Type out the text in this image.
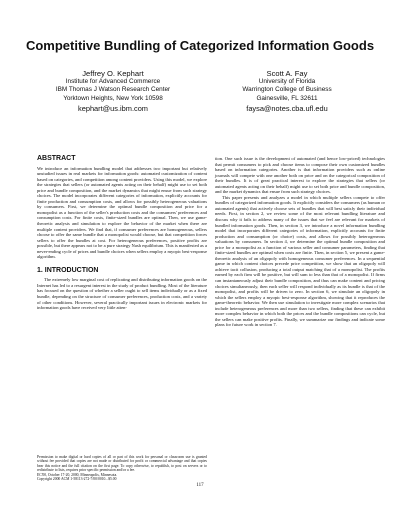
Competitive Bundling of Categorized Information Goods
Jeffrey O. Kephart
Institute for Advanced Commerce
IBM Thomas J Watson Research Center
Yorktown Heights, New York 10598
kephart@us.ibm.com
Scott A. Fay
University of Florida
Warrington College of Business
Gainesville, FL 32611
faysa@notes.cba.ufl.edu
ABSTRACT

We introduce an information bundling model that addresses two important but relatively unstudied issues in real markets for information goods: automated customization of content based on categories, and competition among content providers. Using this model, we explore the strategies that sellers (or automated agents acting on their behalf) might use to set both price and bundle composition, and the market dynamics that might ensue from such strategy choices. The model incorporates different categories of information, explicitly accounts for finite production and consumption costs, and allows for possibly heterogeneous valuations by consumers. First, we determine the optimal bundle composition and price for a monopolist as a function of the seller's production costs and the consumers' preferences and consumption costs. For finite costs, finite-sized bundles are optimal. Then, we use game-theoretic analysis and simulation to explore the behavior of the market when there are multiple content providers. We find that, if consumer preferences are homogeneous, sellers choose to offer the same bundle that a monopolist would choose, but that competition forces sellers to offer the bundles at cost. For heterogeneous preferences, positive profits are possible, but there appears not to be a pure strategy Nash equilibrium. This is manifested as a never-ending cycle of prices and bundle choices when sellers employ a myopic best-response algorithm.

1. INTRODUCTION

The extremely low marginal cost of replicating and distributing information goods on the Internet has led to a resurgent interest in the study of product bundling. Most of the literature has focused on the question of whether a seller ought to sell items individually or as a fixed bundle, depending on the structure of consumer preferences, production costs, and a variety of other conditions. However, several practically important issues in electronic markets for information goods have received very little atten-

tion. One such issue is the development of automated (and hence low-priced) technologies that permit consumers to pick and choose items to compose their own customized bundles based on information categories. Another is that information providers such as online journals will compete with one another both on price and on the categorical composition of their bundles. It is of great practical interest to explore the strategies that sellers (or automated agents acting on their behalf) might use to set both price and bundle composition, and the market dynamics that ensue from such strategy choices.

This paper presents and analyzes a model in which multiple sellers compete to offer bundles of categorized information goods. It explicitly considers the consumers (as human or automated agents) that actively choose sets of bundles that will best satisfy their individual needs. First, in section 2, we review some of the most relevant bundling literature and discuss why it fails to address many of the issues that we feel are relevant for markets of bundled information goods. Then, in section 3, we introduce a novel information bundling model that incorporates different categories of information, explicitly accounts for finite production and consumption (or choice) costs, and allows for possibly heterogeneous valuations by consumers. In section 4, we determine the optimal bundle composition and price for a monopolist as a function of various seller and consumer parameters, finding that finite-sized bundles are optimal when costs are finite. Then, in section 5, we present a game-theoretic analysis of an oligopoly with homogeneous consumer preferences. In a sequential game in which content choices precede price competition, we show that an oligopoly will achieve tacit collusion, producing a total output matching that of a monopolist. The profits earned by each firm will be positive, but will sum to less than that of a monopolist. If firms can instantaneously adjust their bundle composition, and thus can make content and pricing choices simultaneously, then each seller will respond individually as its bundle is that of the monopolist, and profits will be driven to zero. In section 6, we simulate an oligopoly in which the sellers employ a myopic best-response algorithm, showing that it reproduces the game-theoretic behavior. We then use simulation to investigate more complex scenarios that include heterogeneous preferences and more than two sellers, finding that these can exhibit more complex behavior in which both the prices and the bundle compositions can cycle, but the sellers can make positive profits. Finally, we summarize our findings and indicate some plans for future work in section 7.

Permission to make digital or hard copies of all or part of this work for personal or classroom use is granted without fee provided that copies are not made or distributed for profit or commercial advantage and that copies bear this notice and the full citation on the first page. To copy otherwise, to republish, to post on servers or to redistribute to lists, requires prior specific permission and/or a fee.
EC'00, October 17-20, 2000, Minneapolis, Minnesota.
Copyright 2000 ACM 1-58113-272-7/00/0010...$5.00
117
